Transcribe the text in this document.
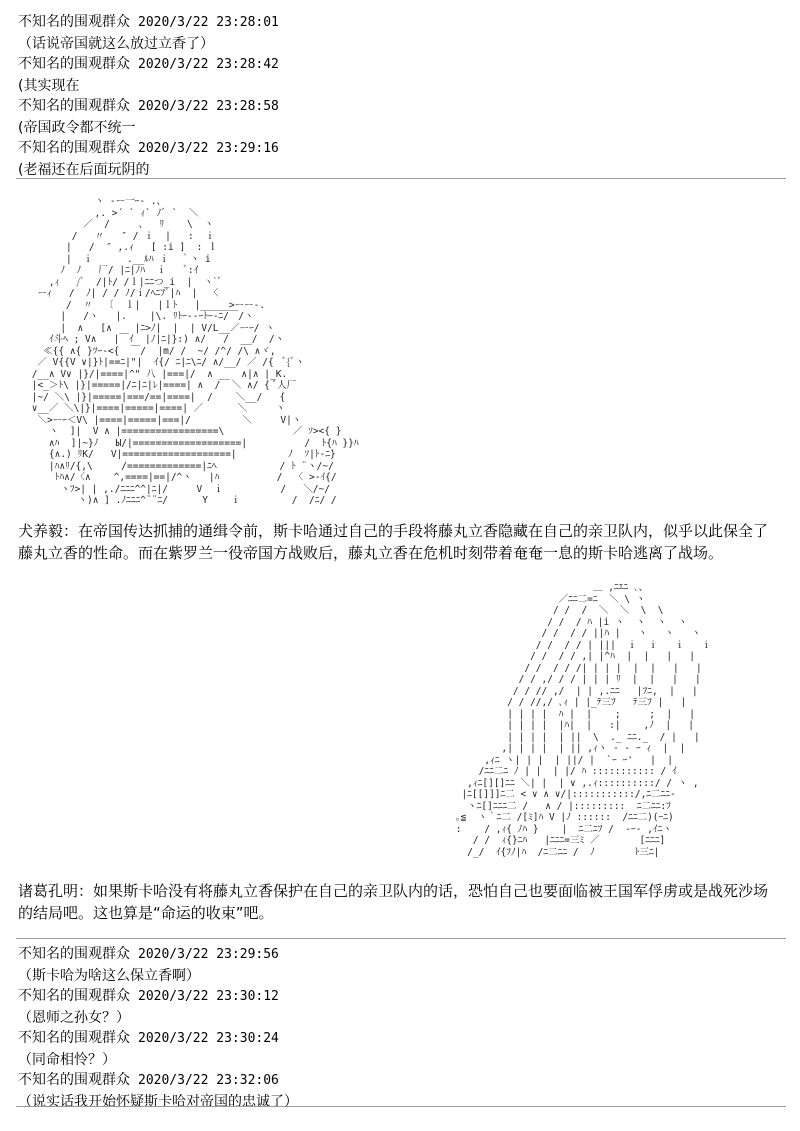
不知名的围观群众 2020/3/22 23:28:01
（话说帝国就这么放过立香了）
不知名的围观群众 2020/3/22 23:28:42
(其实现在
不知名的围观群众 2020/3/22 23:28:58
(帝国政令都不统一
不知名的围观群众 2020/3/22 23:29:16
(老福还在后面玩阴的
ヽ -ー一ｰ- .、
,. >´ ` ｨ` ﾉﾞ `  ＼
／  /     、  ﾘ    \  ヽ
/   〃   ″ / ｉ  |   :  ｉ
|   /  ″ ,.ｨ   [ :i ]  : ｌ
|  ｉ      .__ﾙﾊ ｉ  ｀ヽ i
ﾉ  ﾉ   厂/ |ﾆ|ﾉﾊ  ｉ   ﾞ:ｲ
,ｨ   /ﾞ  /|ﾄ/ /ｌ|ﾆﾆつ_i  |  ヽ`ﾞ
ーｨ   /  ﾉ| / / ﾉ/ｉ/ﾍﾆﾌﾞ|ﾊ  |  〈
/  〃  〔  ｌ|   |ｌﾄ   |_____>ーー-.
|   /ヽ   |.    |\. ﾘﾄｰ--ｰﾄｰ-ﾆ/￣/ヽ
|  ∧   [∧    |ﾆ>ﾉ|  |  | V/L__／ーｰ/ ヽ
ｲ斗ﾍ ; V∧   |￣ｲ  |ﾉ|ﾆ|}:) ∧/   /  __/  /ヽ
≪{{ ∧{ }ﾂｰ-<{  ￣/  |m/ /  ~/ /^/ /\ ∧ヾ,
／ V{{V ∨|}ﾄ|==ﾆ|"|  ｲ{/ ﾆ|ﾆ\ﾆ/ ∧/__/ ／ /{  ﾞ{ﾞヽ
/__∧ V∨ |}/|====|^" 八 |===|/  ∧ __  ∧|∧ |_K.
|<_＞ﾄ\ |}|=====|/ﾆ|ﾆ|ﾚ|====| ∧  /  ＼ ∧/ { ﾞ人厂
|~/ ＼\ |}|=====|===/==|====|  /    ＼__/   {
∨__／ ＼\|}|====|=====|====| ／      ＼     ヽ
＼>ーｰ＜V\ |====|=====|===|/         ＼     V|ヽ
ヽ  ]|  V ∧ |=================\            ／ ｿ><{ }
∧ﾊ  ]|~}ﾉ   Ы/|===================|          /  ﾄ{ﾊ }}ﾊ
{∧.) ﾘK/   V|===================|         ﾉ  ｿ|ﾄ-ﾆ}
|ﾊ∧ﾘ/{,\     /=============|ﾆﾍ           / ﾄ ¨ヽ/~/
ﾄﾊ∧/〈∧    ^,====|==|/^ヽ   |ﾊ          /  〈 >-ｲ{/
ヽﾌ>| | ,./ﾆﾆﾆ^^|ﾆ|/     V  ｉ          /   ＼/~/
ヽ)∧ ] .ﾉﾆﾆﾆ^¨¨ﾆ/      Y    ｉ         /  /ﾆ/ /
犬养毅：在帝国传达抓捕的通缉令前，斯卡哈通过自己的手段将藤丸立香隐藏在自己的亲卫队内，似乎以此保全了藤丸立香的性命。而在紫罗兰一役帝国方战败后，藤丸立香在危机时刻带着奄奄一息的斯卡哈逃离了战场。
＿ ,ﾆｴﾆ ､、
／ﾆﾆ二=ﾆ  ＼ \ ヽ
/ /  /  ＼  ＼  \  \
/ /  / ﾊ |i ヽ  ヽ  ヽ  ヽ
/ /  / / ||ﾊ |   ヽ   ヽ   ヽ
/ /  / / | |||  ｉ  ｉ   ｉ   ｉ
/ /  / / ,| |^ﾊ  |  |   |   |
/ /  / / /| | | |  |  |   |   |
/ / ,/ / / | | | ﾘ  |  |   |   |
/ / // ,/  | | ,.ﾆﾆ   |ﾌﾆ,  |   |
/ / //,/ ､ｨ | |_ﾃ三ﾌ   ﾃ三ﾌ |   |
| | | |  ﾊ |  |    ;     ;  |   |
| | | |  |ﾊ|  |   :|    ,ﾉ  |   |
| | | |  | ||  \  ._ ﾆﾆ._  / |   |
,| | | |  | || ,ｨヽ ‐ ‐ ｰ ｨ  |  |
,ｨﾆ ヽ| | |  | ||/ |  `ｰ ｰ'   |  |
/ﾆﾆ二ﾆ ﾉ | |  | |/ ﾊ ::::::::::: / ｲ
,ｨﾆ[][]ﾆﾆ ＼| |  | ∨ ,.ｨ::::::::::/ / ヽ ,
|ﾆ[[]]]ﾆ二 < ∨ ∧ ∨/|:::::::::::/,ﾆ二ﾆﾆ‐
ヽﾆ[]ﾆﾆﾆ二 /   ∧ / |:::::::::  ﾆ二ﾆﾆ:ﾌ
｡≦  ヽ｀ﾆ二 /[ﾐ]ﾊ V |ﾉ ::::::  /ﾆﾆ二)(ｰﾆ)
:    / ,ｨ{ ﾉﾊ }    |  ﾆ二ﾆﾌ /  ‐ｰ‐ ,ｲﾆヽ
/ /  ｨ{}ﾆﾊ   |ﾆﾆﾆ=三ﾐ ／       [ﾆﾆﾆ]
/_/  ｲ{ﾌﾉ|ﾊ  /ﾆ二ﾆﾆ /  ﾉ       ﾄ三ﾆ|
诸葛孔明：如果斯卡哈没有将藤丸立香保护在自己的亲卫队内的话，恐怕自己也要面临被王国军俘虏或是战死沙场的结局吧。这也算是“命运的收束”吧。
不知名的围观群众 2020/3/22 23:29:56
（斯卡哈为啥这么保立香啊）
不知名的围观群众 2020/3/22 23:30:12
（恩师之孙女？）
不知名的围观群众 2020/3/22 23:30:24
（同命相怜？）
不知名的围观群众 2020/3/22 23:32:06
（说实话我开始怀疑斯卡哈对帝国的忠诚了）
